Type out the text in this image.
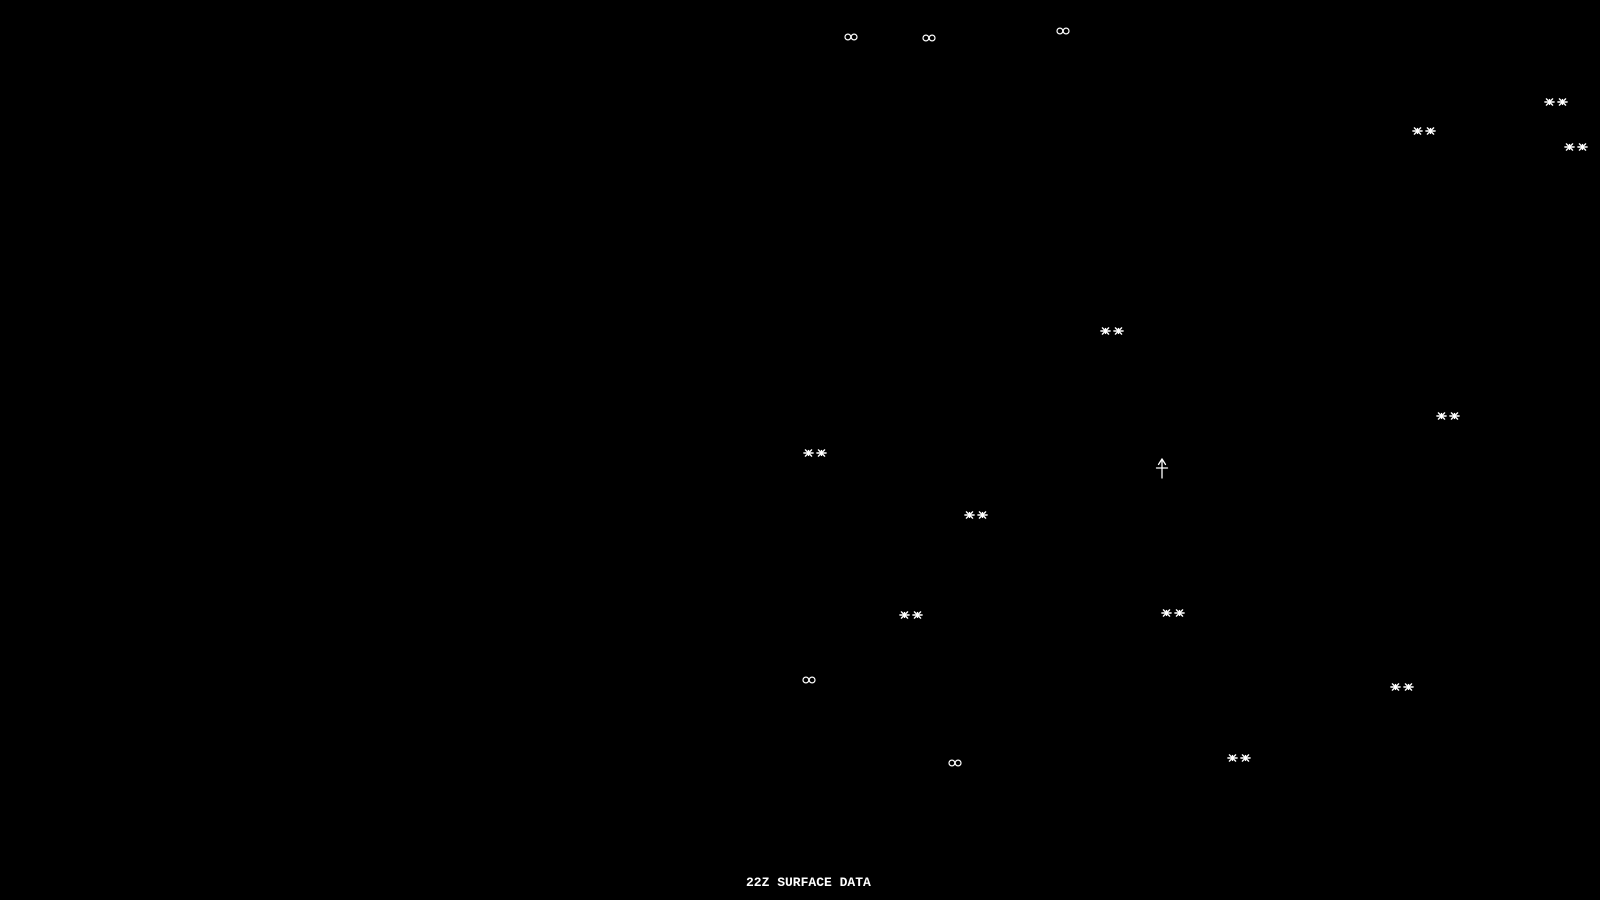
22Z SURFACE DATA
